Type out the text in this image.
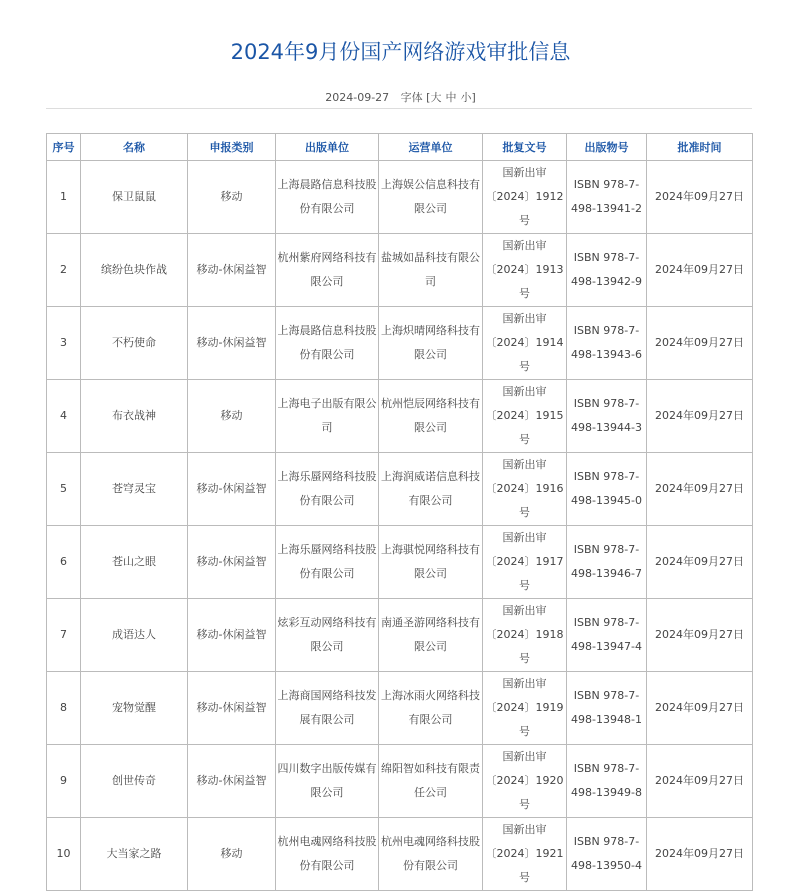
2024年9月份国产网络游戏审批信息
2024-09-27 字体 [大 中 小]
序号	名称	申报类别	出版单位	运营单位	批复文号	出版物号	批准时间
1	保卫鼠鼠	移动	上海晨路信息科技股份有限公司	上海娱公信息科技有限公司	国新出审〔2024〕1912号	ISBN 978-7-498-13941-2	2024年09月27日
2	缤纷色块作战	移动-休闲益智	杭州紫府网络科技有限公司	盐城如晶科技有限公司	国新出审〔2024〕1913号	ISBN 978-7-498-13942-9	2024年09月27日
3	不朽使命	移动-休闲益智	上海晨路信息科技股份有限公司	上海炽晴网络科技有限公司	国新出审〔2024〕1914号	ISBN 978-7-498-13943-6	2024年09月27日
4	布衣战神	移动	上海电子出版有限公司	杭州恺辰网络科技有限公司	国新出审〔2024〕1915号	ISBN 978-7-498-13944-3	2024年09月27日
5	苍穹灵宝	移动-休闲益智	上海乐蜃网络科技股份有限公司	上海润威诺信息科技有限公司	国新出审〔2024〕1916号	ISBN 978-7-498-13945-0	2024年09月27日
6	苍山之眼	移动-休闲益智	上海乐蜃网络科技股份有限公司	上海骐悦网络科技有限公司	国新出审〔2024〕1917号	ISBN 978-7-498-13946-7	2024年09月27日
7	成语达人	移动-休闲益智	炫彩互动网络科技有限公司	南通圣游网络科技有限公司	国新出审〔2024〕1918号	ISBN 978-7-498-13947-4	2024年09月27日
8	宠物觉醒	移动-休闲益智	上海商国网络科技发展有限公司	上海冰雨火网络科技有限公司	国新出审〔2024〕1919号	ISBN 978-7-498-13948-1	2024年09月27日
9	创世传奇	移动-休闲益智	四川数字出版传媒有限公司	绵阳智如科技有限责任公司	国新出审〔2024〕1920号	ISBN 978-7-498-13949-8	2024年09月27日
10	大当家之路	移动	杭州电魂网络科技股份有限公司	杭州电魂网络科技股份有限公司	国新出审〔2024〕1921号	ISBN 978-7-498-13950-4	2024年09月27日
